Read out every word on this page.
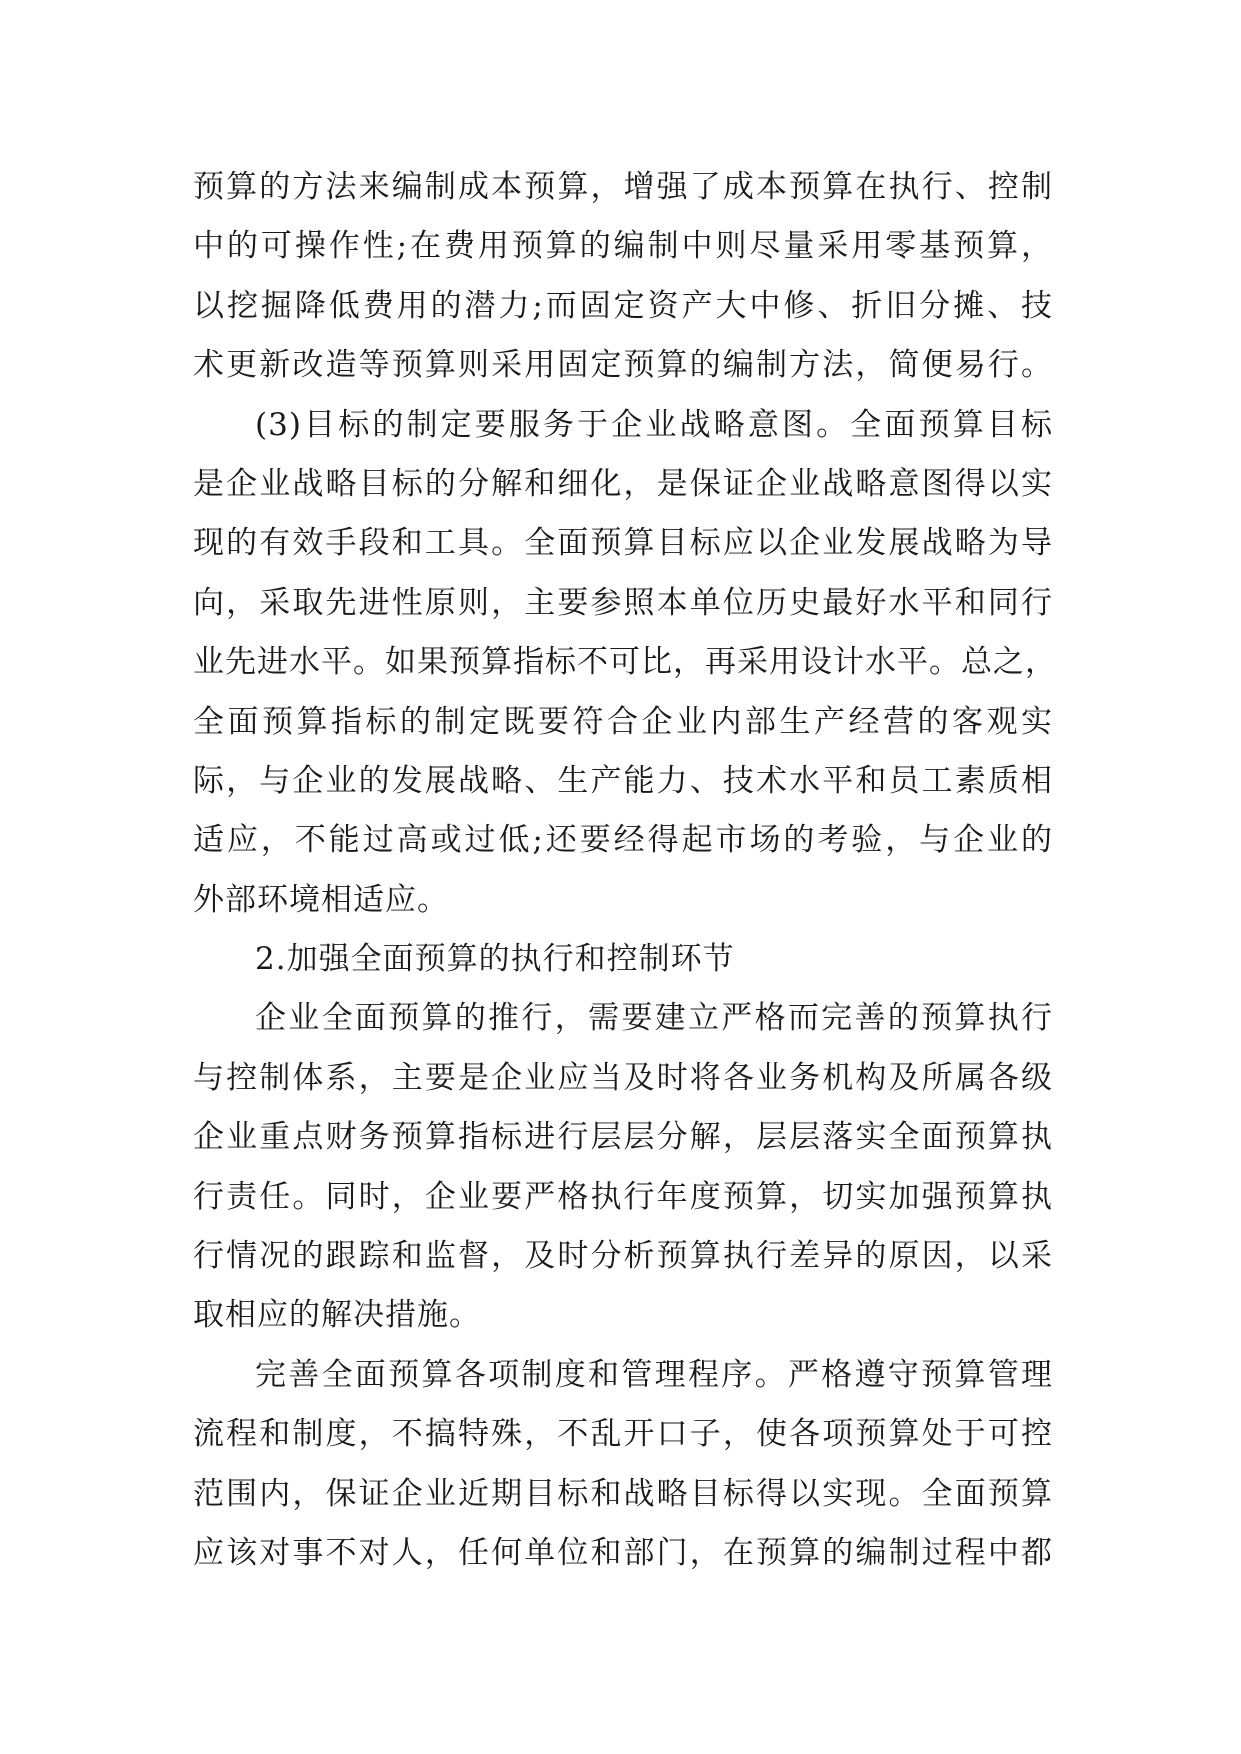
预算的方法来编制成本预算，增强了成本预算在执行、控制
中的可操作性;在费用预算的编制中则尽量采用零基预算，
以挖掘降低费用的潜力;而固定资产大中修、折旧分摊、技
术更新改造等预算则采用固定预算的编制方法，简便易行。
(3)目标的制定要服务于企业战略意图。全面预算目标
是企业战略目标的分解和细化，是保证企业战略意图得以实
现的有效手段和工具。全面预算目标应以企业发展战略为导
向，采取先进性原则，主要参照本单位历史最好水平和同行
业先进水平。如果预算指标不可比，再采用设计水平。总之，
全面预算指标的制定既要符合企业内部生产经营的客观实
际，与企业的发展战略、生产能力、技术水平和员工素质相
适应，不能过高或过低;还要经得起市场的考验，与企业的
外部环境相适应。
2.加强全面预算的执行和控制环节
企业全面预算的推行，需要建立严格而完善的预算执行
与控制体系，主要是企业应当及时将各业务机构及所属各级
企业重点财务预算指标进行层层分解，层层落实全面预算执
行责任。同时，企业要严格执行年度预算，切实加强预算执
行情况的跟踪和监督，及时分析预算执行差异的原因，以采
取相应的解决措施。
完善全面预算各项制度和管理程序。严格遵守预算管理
流程和制度，不搞特殊，不乱开口子，使各项预算处于可控
范围内，保证企业近期目标和战略目标得以实现。全面预算
应该对事不对人，任何单位和部门，在预算的编制过程中都
